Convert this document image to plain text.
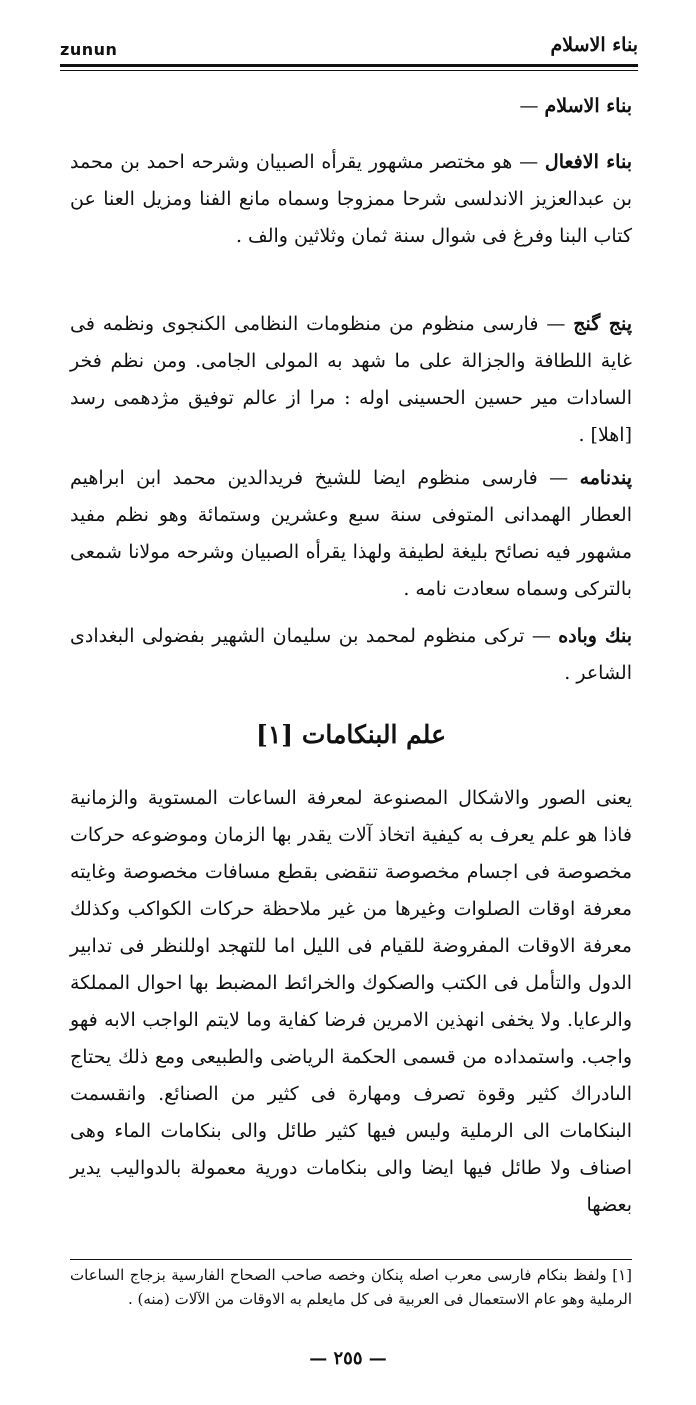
zunun	بناء الاسلام

بناء الاسلام —

بناء الافعال — هو مختصر مشهور يقرأه الصبيان وشرحه احمد بن محمد بن عبدالعزيز الاندلسى شرحا ممزوجا وسماه مانع الفنا ومزيل العنا عن كتاب البنا وفرغ فى شوال سنة ثمان وثلاثين والف .

پنج گنج — فارسى منظوم من منظومات النظامى الكنجوى ونظمه فى غاية اللطافة والجزالة على ما شهد به المولى الجامى. ومن نظم فخر السادات مير حسين الحسينى اوله : مرا از عالم توفيق مژدهمى رسد [اهلا] .

پندنامه — فارسى منظوم ايضا للشيخ فريدالدين محمد ابن ابراهيم العطار الهمدانى المتوفى سنة سبع وعشرين وستمائة وهو نظم مفيد مشهور فيه نصائح بليغة لطيفة ولهذا يقرأه الصبيان وشرحه مولانا شمعى بالتركى وسماه سعادت نامه .

بنك وباده — تركى منظوم لمحمد بن سليمان الشهير بفضولى البغدادى الشاعر .

علم البنكامات [١]

يعنى الصور والاشكال المصنوعة لمعرفة الساعات المستوية والزمانية فاذا هو علم يعرف به كيفية اتخاذ آلات يقدر بها الزمان وموضوعه حركات مخصوصة فى اجسام مخصوصة تنقضى بقطع مسافات مخصوصة وغايته معرفة اوقات الصلوات وغيرها من غير ملاحظة حركات الكواكب وكذلك معرفة الاوقات المفروضة للقيام فى الليل اما للتهجد اوللنظر فى تدابير الدول والتأمل فى الكتب والصكوك والخرائط المضبط بها احوال المملكة والرعايا. ولا يخفى انهذين الامرين فرضا كفاية وما لايتم الواجب الابه فهو واجب. واستمداده من قسمى الحكمة الرياضى والطبيعى ومع ذلك يحتاج الىادراك كثير وقوة تصرف ومهارة فى كثير من الصنائع. وانقسمت البنكامات الى الرملية وليس فيها كثير طائل والى بنكامات الماء وهى اصناف ولا طائل فيها ايضا والى بنكامات دورية معمولة بالدواليب يدير بعضها

[١] ولفظ بنكام فارسى معرب اصله پنكان وخصه صاحب الصحاح الفارسية بزجاج الساعات الرملية وهو عام الاستعمال فى العربية فى كل مايعلم به الاوقات من الآلات (منه) .

— ٢٥٥ —
